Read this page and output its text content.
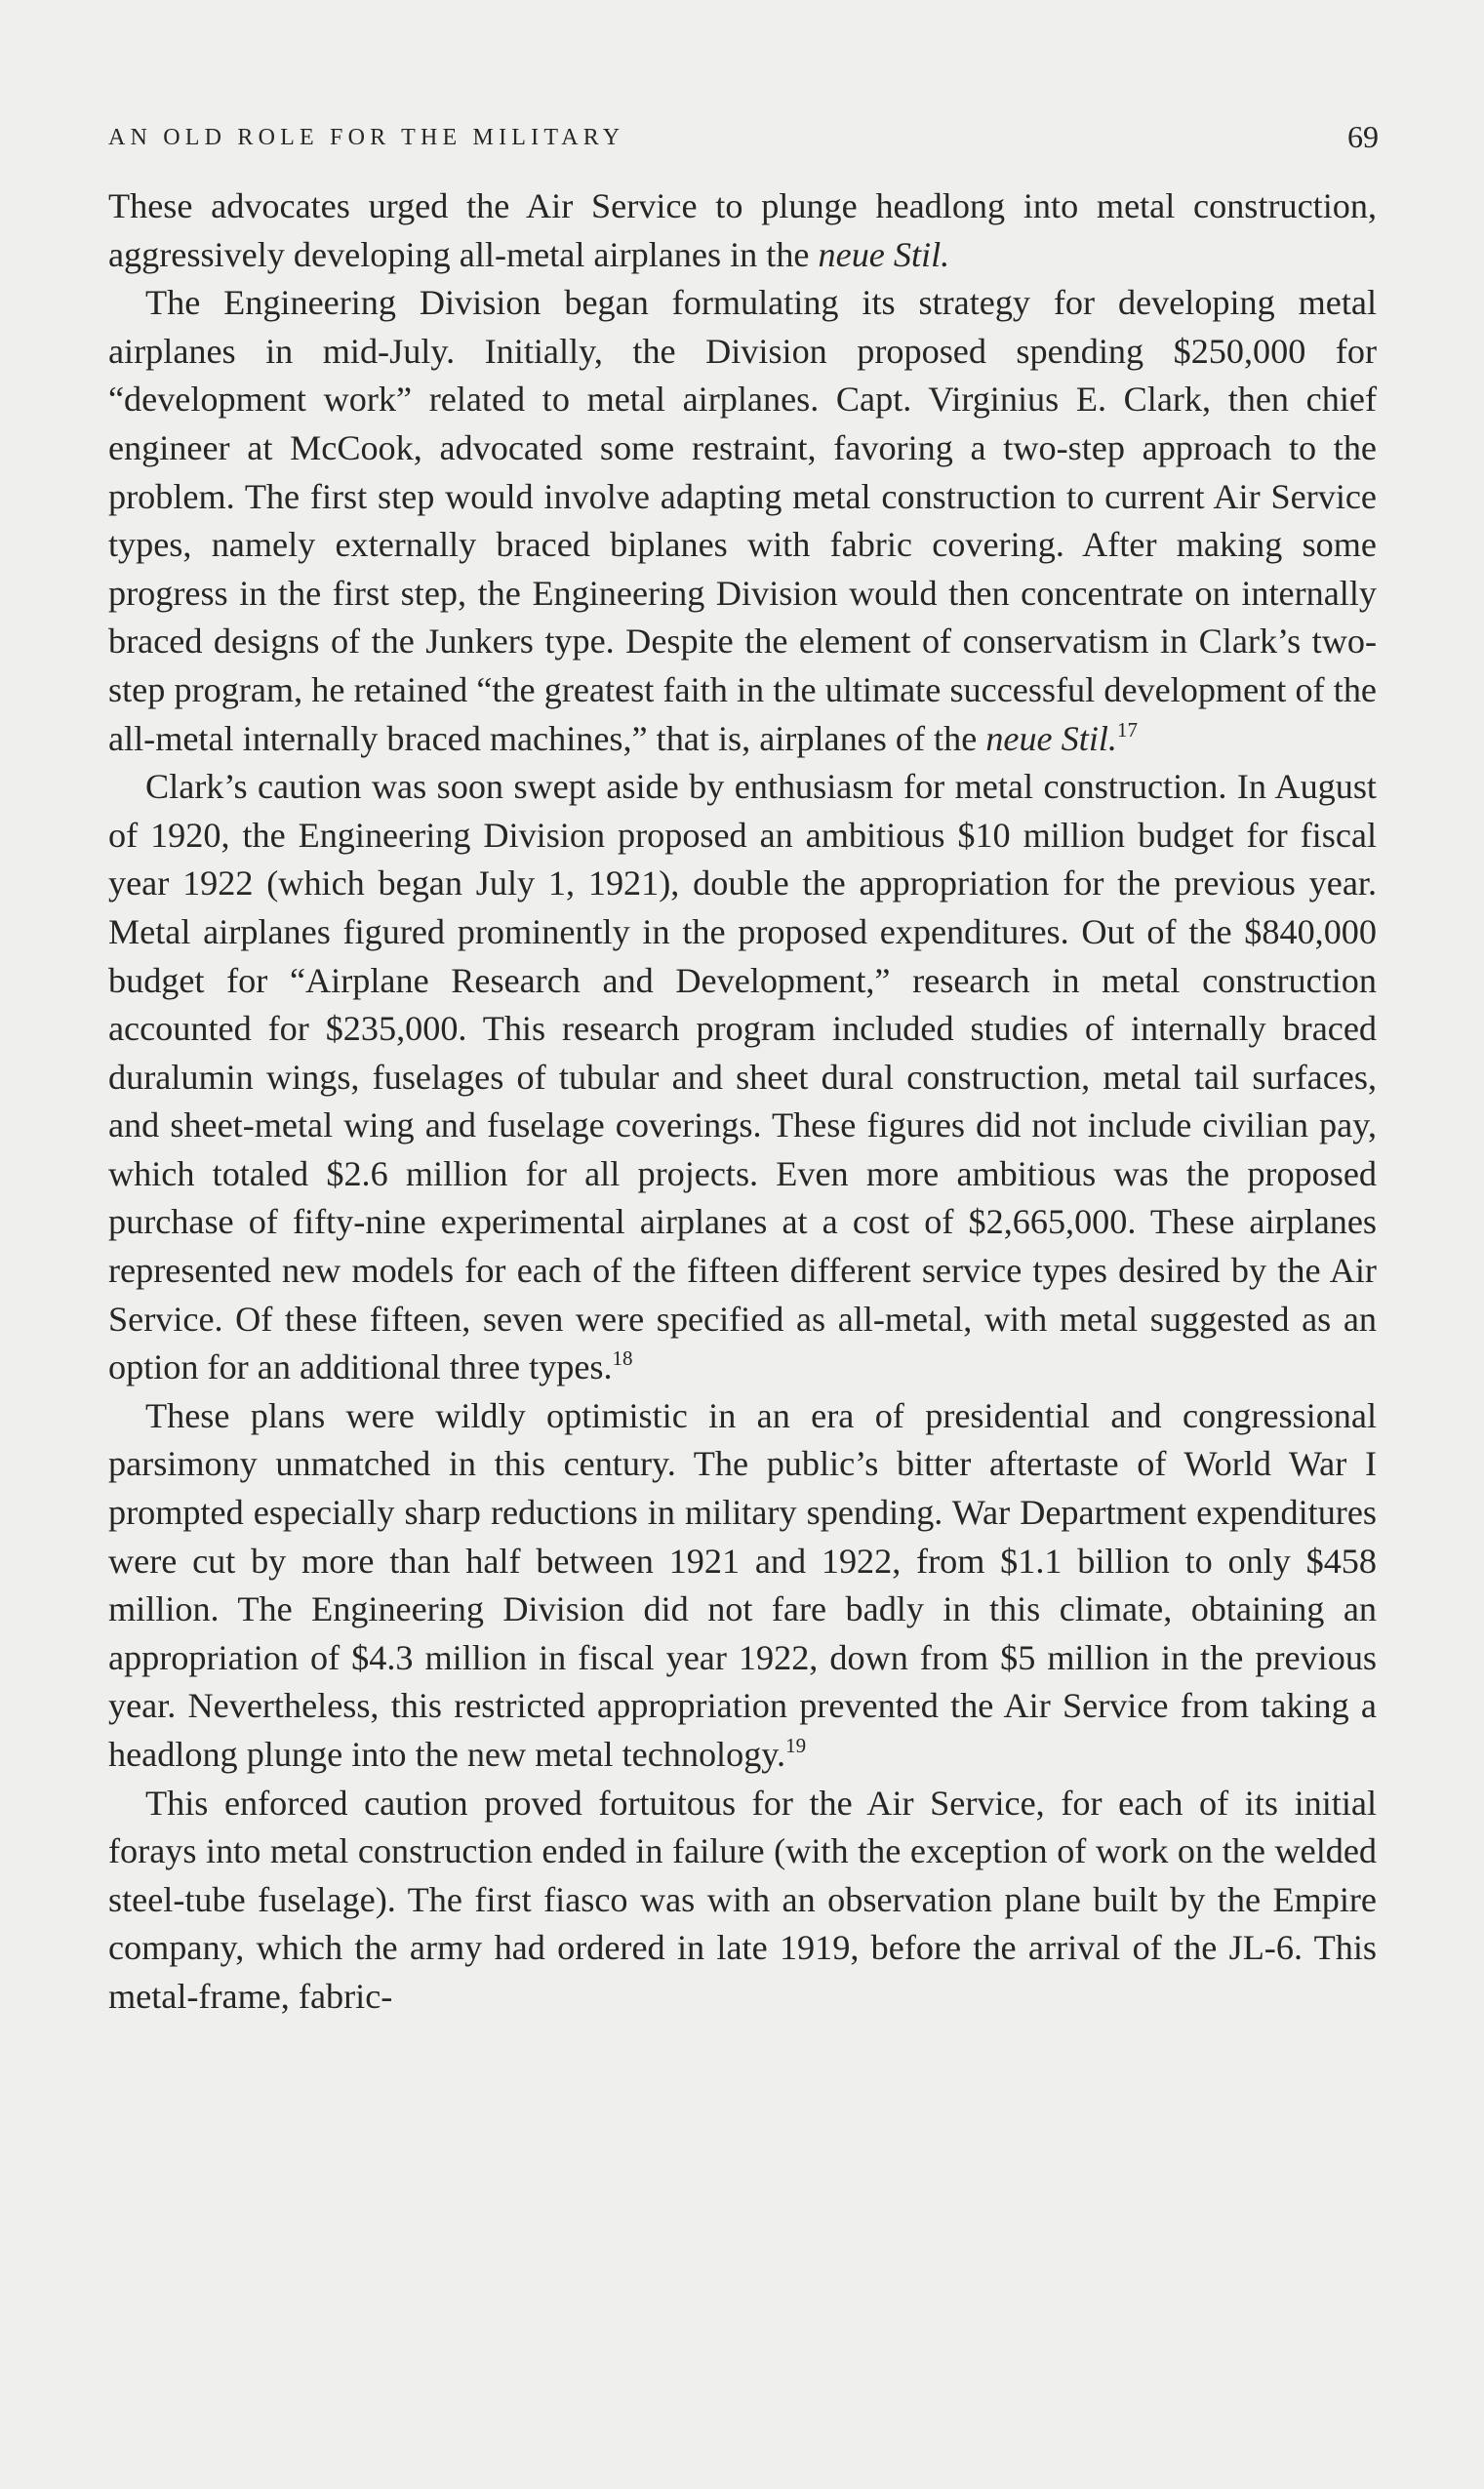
AN OLD ROLE FOR THE MILITARY	69

These advocates urged the Air Service to plunge headlong into metal construction, aggressively developing all-metal airplanes in the neue Stil.

The Engineering Division began formulating its strategy for developing metal airplanes in mid-July. Initially, the Division proposed spending $250,000 for “development work” related to metal airplanes. Capt. Virginius E. Clark, then chief engineer at McCook, advocated some restraint, favoring a two-step approach to the problem. The first step would involve adapting metal construction to current Air Service types, namely externally braced biplanes with fabric covering. After making some progress in the first step, the Engineering Division would then concentrate on internally braced designs of the Junkers type. Despite the element of conservatism in Clark’s two-step program, he retained “the greatest faith in the ultimate successful development of the all-metal internally braced machines,” that is, airplanes of the neue Stil.$^{17}$

Clark’s caution was soon swept aside by enthusiasm for metal construction. In August of 1920, the Engineering Division proposed an ambitious $10 million budget for fiscal year 1922 (which began July 1, 1921), double the appropriation for the previous year. Metal airplanes figured prominently in the proposed expenditures. Out of the $840,000 budget for “Airplane Research and Development,” research in metal construction accounted for $235,000. This research program included studies of internally braced duralumin wings, fuselages of tubular and sheet dural construction, metal tail surfaces, and sheet-metal wing and fuselage coverings. These figures did not include civilian pay, which totaled $2.6 million for all projects. Even more ambitious was the proposed purchase of fifty-nine experimental airplanes at a cost of $2,665,000. These airplanes represented new models for each of the fifteen different service types desired by the Air Service. Of these fifteen, seven were specified as all-metal, with metal suggested as an option for an additional three types.$^{18}$

These plans were wildly optimistic in an era of presidential and congressional parsimony unmatched in this century. The public’s bitter aftertaste of World War I prompted especially sharp reductions in military spending. War Department expenditures were cut by more than half between 1921 and 1922, from $1.1 billion to only $458 million. The Engineering Division did not fare badly in this climate, obtaining an appropriation of $4.3 million in fiscal year 1922, down from $5 million in the previous year. Nevertheless, this restricted appropriation prevented the Air Service from taking a headlong plunge into the new metal technology.$^{19}$

This enforced caution proved fortuitous for the Air Service, for each of its initial forays into metal construction ended in failure (with the exception of work on the welded steel-tube fuselage). The first fiasco was with an observation plane built by the Empire company, which the army had ordered in late 1919, before the arrival of the JL-6. This metal-frame, fabric-
